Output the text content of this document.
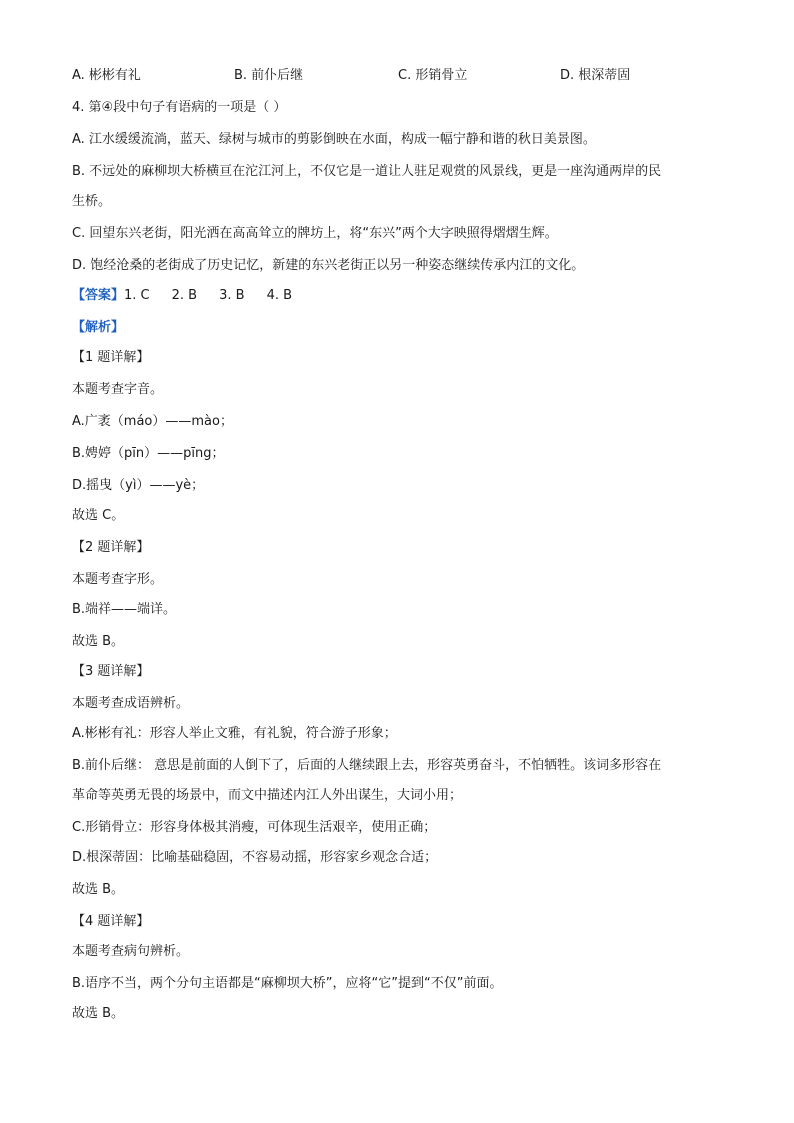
A. 彬彬有礼	B. 前仆后继	C. 形销骨立	D. 根深蒂固
4. 第④段中句子有语病的一项是（ ）
A. 江水缓缓流淌，蓝天、绿树与城市的剪影倒映在水面，构成一幅宁静和谐的秋日美景图。
B. 不远处的麻柳坝大桥横亘在沱江河上，不仅它是一道让人驻足观赏的风景线，更是一座沟通两岸的民
生桥。
C. 回望东兴老街，阳光洒在高高耸立的牌坊上，将“东兴”两个大字映照得熠熠生辉。
D. 饱经沧桑的老街成了历史记忆，新建的东兴老街正以另一种姿态继续传承内江的文化。
【答案】1. C 2. B 3. B 4. B
【解析】
【1 题详解】
本题考查字音。
A.广袤（máo）——mào；
B.娉婷（pīn）——pīng；
D.摇曳（yì）——yè；
故选 C。
【2 题详解】
本题考查字形。
B.端祥——端详。
故选 B。
【3 题详解】
本题考查成语辨析。
A.彬彬有礼：形容人举止文雅，有礼貌，符合游子形象；
B.前仆后继： 意思是前面的人倒下了，后面的人继续跟上去，形容英勇奋斗，不怕牺牲。该词多形容在
革命等英勇无畏的场景中，而文中描述内江人外出谋生，大词小用；
C.形销骨立：形容身体极其消瘦，可体现生活艰辛，使用正确；
D.根深蒂固：比喻基础稳固，不容易动摇，形容家乡观念合适；
故选 B。
【4 题详解】
本题考查病句辨析。
B.语序不当，两个分句主语都是“麻柳坝大桥”，应将“它”提到“不仅”前面。
故选 B。
